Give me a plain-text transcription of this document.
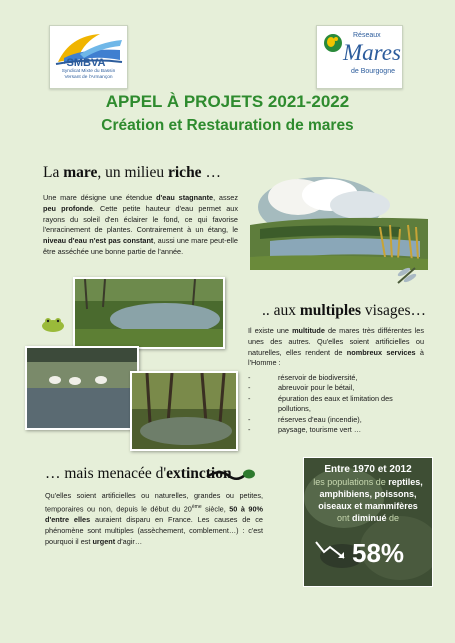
SMBVA
Syndicat Mixte du Bassin
Versant de l'Armançon
Réseaux
Mares
de Bourgogne
APPEL À PROJETS 2021-2022
Création et Restauration de mares
La mare, un milieu riche …
Une mare désigne une étendue d'eau stagnante, assez peu profonde. Cette petite hauteur d'eau permet aux rayons du soleil d'en éclairer le fond, ce qui favorise l'enracinement de plantes. Contrairement à un étang, le niveau d'eau n'est pas constant, aussi une mare peut-elle être asséchée une bonne partie de l'année.
.. aux multiples visages…
Il existe une multitude de mares très différentes les unes des autres. Qu'elles soient artificielles ou naturelles, elles rendent de nombreux services à l'Homme :
- réservoir de biodiversité,
- abreuvoir pour le bétail,
- épuration des eaux et limitation des pollutions,
- réserves d'eau (incendie),
- paysage, tourisme vert …
… mais menacée d'extinction
Qu'elles soient artificielles ou naturelles, grandes ou petites, temporaires ou non, depuis le début du 20ème siècle, 50 à 90% d'entre elles auraient disparu en France. Les causes de ce phénomène sont multiples (assèchement, comblement…) : c'est pourquoi il est urgent d'agir…
Entre 1970 et 2012
les populations de reptiles,
amphibiens, poissons,
oiseaux et mammifères
ont diminué de
58%
